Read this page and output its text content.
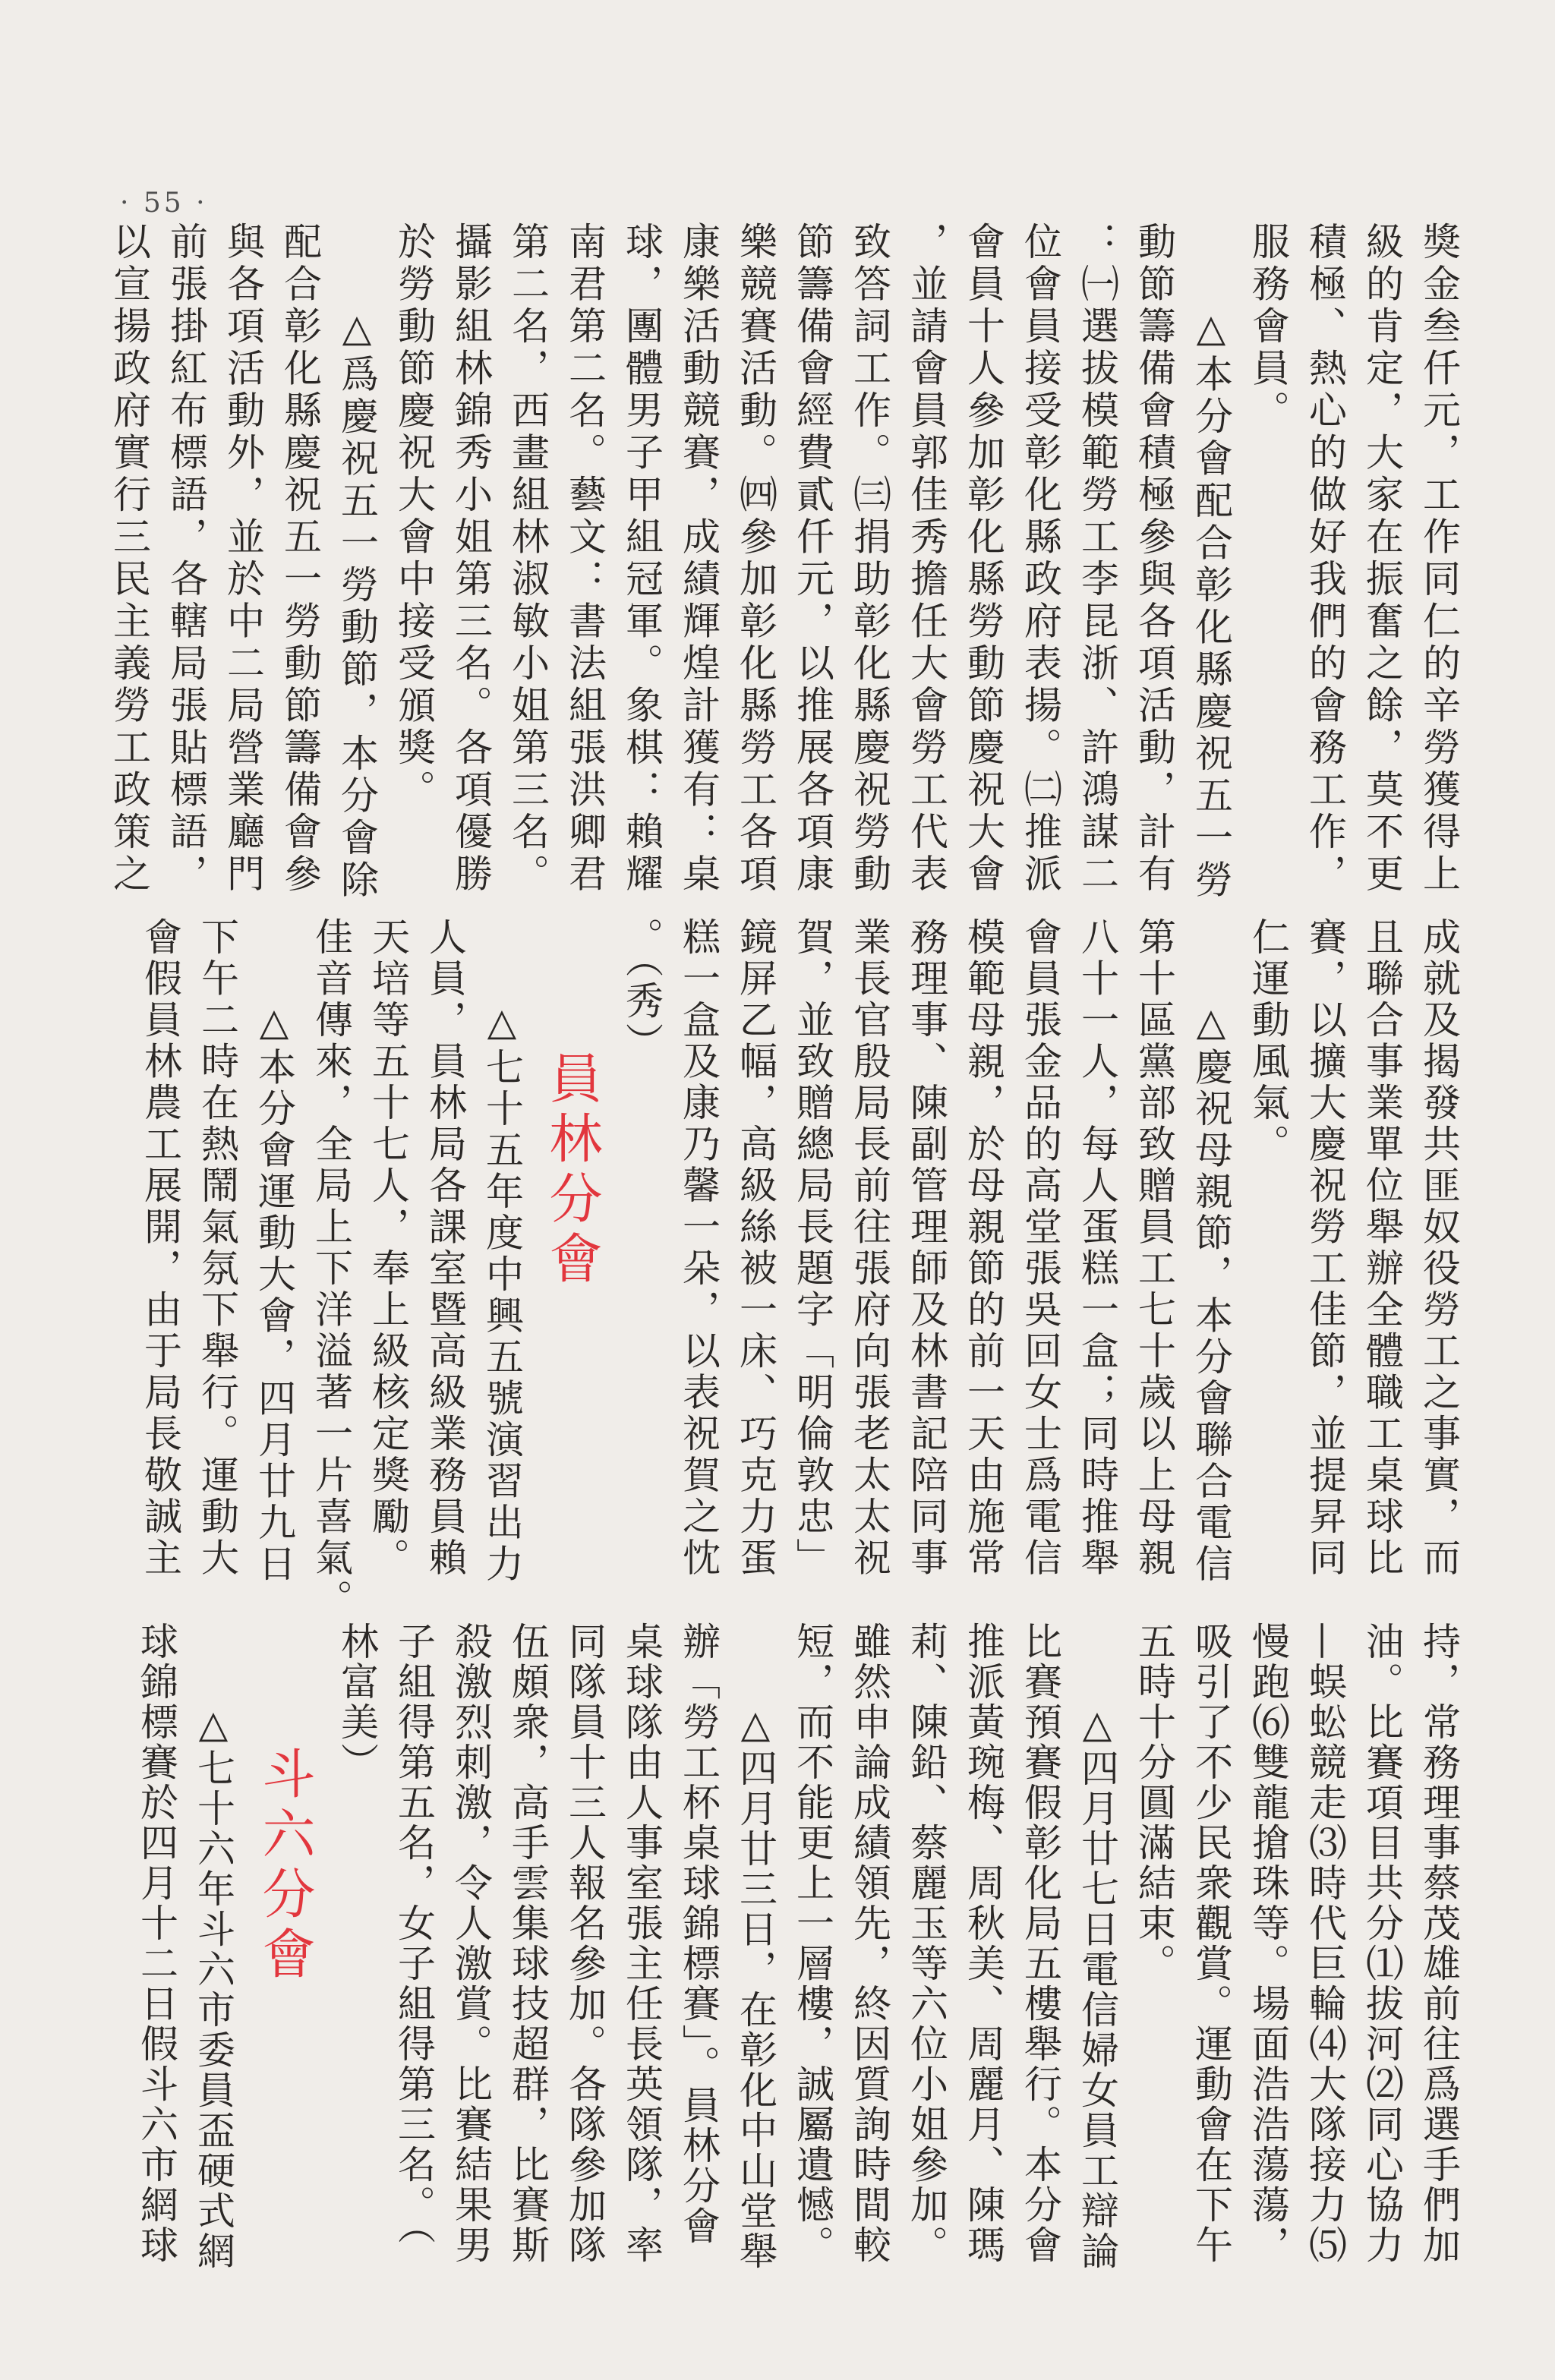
· 55 ·
獎金叁仟元，工作同仁的辛勞獲得上
級的肯定，大家在振奮之餘，莫不更
積極、熱心的做好我們的會務工作，
服務會員。
△本分會配合彰化縣慶祝五一勞
動節籌備會積極參與各項活動，計有
：㈠選拔模範勞工李昆浙、許鴻謀二
位會員接受彰化縣政府表揚。㈡推派
會員十人參加彰化縣勞動節慶祝大會
，並請會員郭佳秀擔任大會勞工代表
致答詞工作。㈢捐助彰化縣慶祝勞動
節籌備會經費貳仟元，以推展各項康
樂競賽活動。㈣參加彰化縣勞工各項
康樂活動競賽，成績輝煌計獲有：桌
球，團體男子甲組冠軍。象棋：賴耀
南君第二名。藝文：書法組張洪卿君
第二名，西畫組林淑敏小姐第三名。
攝影組林錦秀小姐第三名。各項優勝
於勞動節慶祝大會中接受頒獎。
△爲慶祝五一勞動節，本分會除
配合彰化縣慶祝五一勞動節籌備會參
與各項活動外，並於中二局營業廳門
前張掛紅布標語，各轄局張貼標語，
以宣揚政府實行三民主義勞工政策之
成就及揭發共匪奴役勞工之事實，而
且聯合事業單位舉辦全體職工桌球比
賽，以擴大慶祝勞工佳節，並提昇同
仁運動風氣。
△慶祝母親節，本分會聯合電信
第十區黨部致贈員工七十歲以上母親
八十一人，每人蛋糕一盒；同時推舉
會員張金品的高堂張吳回女士爲電信
模範母親，於母親節的前一天由施常
務理事、陳副管理師及林書記陪同事
業長官殷局長前往張府向張老太太祝
賀，並致贈總局長題字「明倫敦忠」
鏡屏乙幅，高級絲被一床、巧克力蛋
糕一盒及康乃馨一朵，以表祝賀之忱
。（秀）
員林分會
△七十五年度中興五號演習出力
人員，員林局各課室暨高級業務員賴
天培等五十七人，奉上級核定獎勵。
佳音傳來，全局上下洋溢著一片喜氣。
△本分會運動大會，四月廿九日
下午二時在熱鬧氣氛下舉行。運動大
會假員林農工展開，由于局長敬誠主
持，常務理事蔡茂雄前往爲選手們加
油。比賽項目共分⑴拔河⑵同心協力
—蜈蚣競走⑶時代巨輪⑷大隊接力⑸
慢跑⑹雙龍搶珠等。場面浩浩蕩蕩，
吸引了不少民衆觀賞。運動會在下午
五時十分圓滿結束。
△四月廿七日電信婦女員工辯論
比賽預賽假彰化局五樓舉行。本分會
推派黃琬梅、周秋美、周麗月、陳瑪
莉、陳鉛、蔡麗玉等六位小姐參加。
雖然申論成績領先，終因質詢時間較
短，而不能更上一層樓，誠屬遺憾。
△四月廿三日，在彰化中山堂舉
辦「勞工杯桌球錦標賽」。員林分會
桌球隊由人事室張主任長英領隊，率
同隊員十三人報名參加。各隊參加隊
伍頗衆，高手雲集球技超群，比賽斯
殺激烈刺激，令人激賞。比賽結果男
子組得第五名，女子組得第三名。（
林富美）
斗六分會
△七十六年斗六市委員盃硬式網
球錦標賽於四月十二日假斗六市網球
